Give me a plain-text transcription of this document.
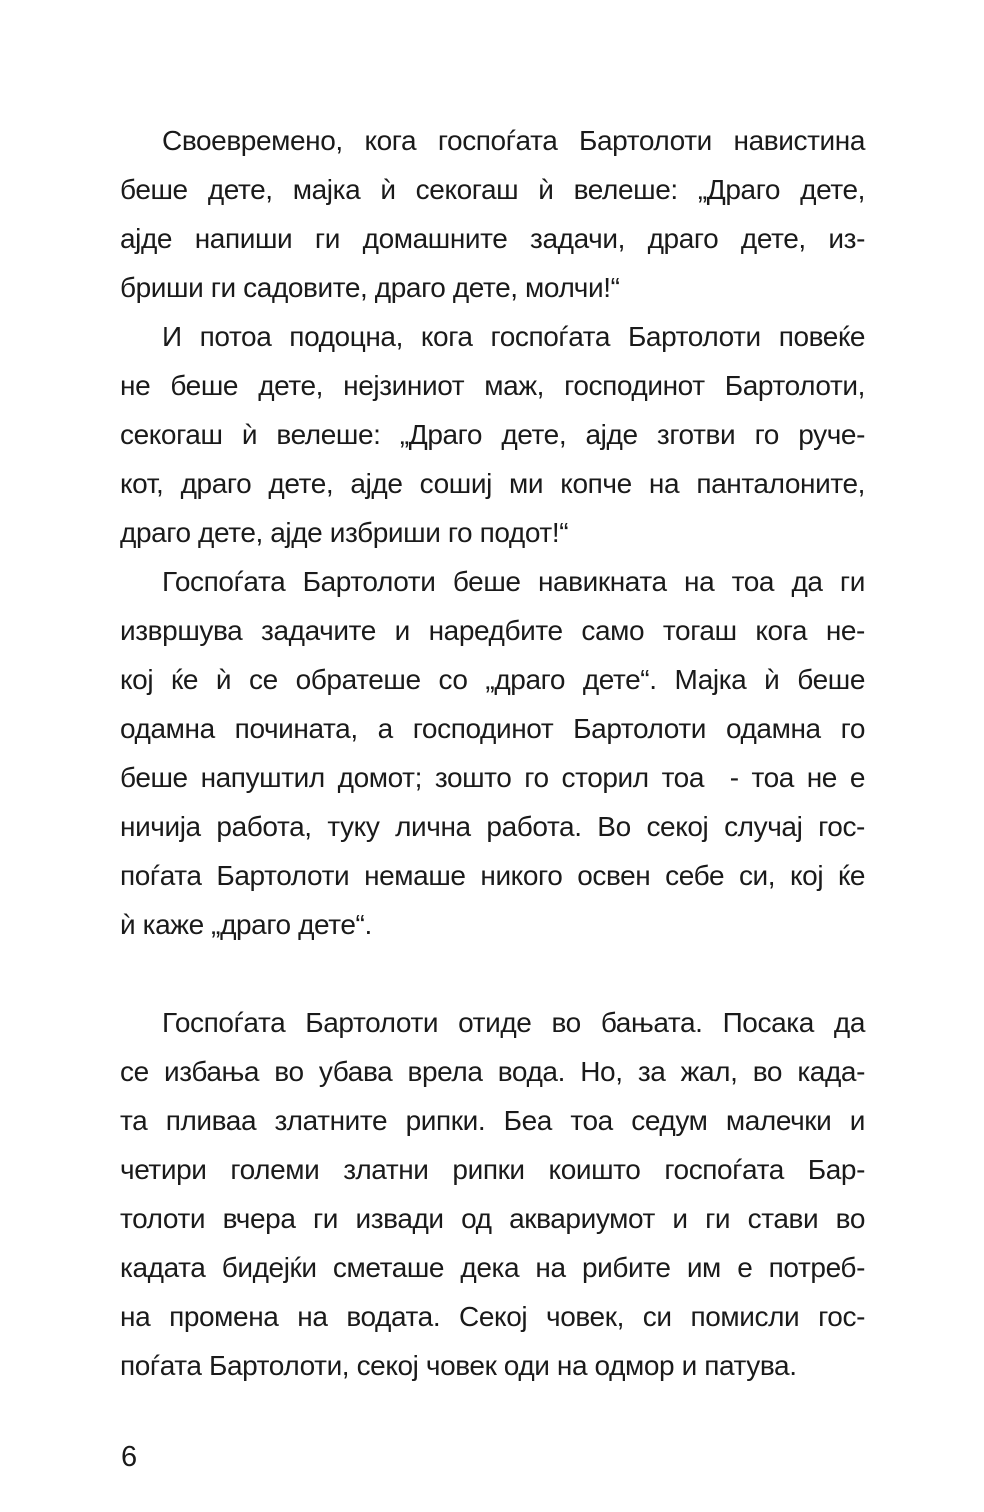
Своевремено, кога госпоѓата Бартолоти навистина
беше дете, мајка ѝ секогаш ѝ велеше: „Драго дете,
ајде напиши ги домашните задачи, драго дете, из-
бриши ги садовите, драго дете, молчи!“
И потоа подоцна, кога госпоѓата Бартолоти повеќе
не беше дете, нејзиниот маж, господинот Бартолоти,
секогаш ѝ велеше: „Драго дете, ајде зготви го руче-
кот, драго дете, ајде сошиј ми копче на панталоните,
драго дете, ајде избриши го подот!“
Госпоѓата Бартолоти беше навикната на тоа да ги
извршува задачите и наредбите само тогаш кога не-
кој ќе ѝ се обратеше со „драго дете“. Мајка ѝ беше
одамна почината, а господинот Бартолоти одамна го
беше напуштил домот; зошто го сторил тоа  - тоа не е
ничија работа, туку лична работа. Во секој случај гос-
поѓата Бартолоти немаше никого освен себе си, кој ќе
ѝ каже „драго дете“.
Госпоѓата Бартолоти отиде во бањата. Посака да
се избања во убава врела вода. Но, за жал, во када-
та пливаа златните рипки. Беа тоа седум малечки и
четири големи златни рипки коишто госпоѓата Бар-
толоти вчера ги извади од аквариумот и ги стави во
кадата бидејќи сметаше дека на рибите им е потреб-
на промена на водата. Секој човек, си помисли гос-
поѓата Бартолоти, секој човек оди на одмор и патува.
6
